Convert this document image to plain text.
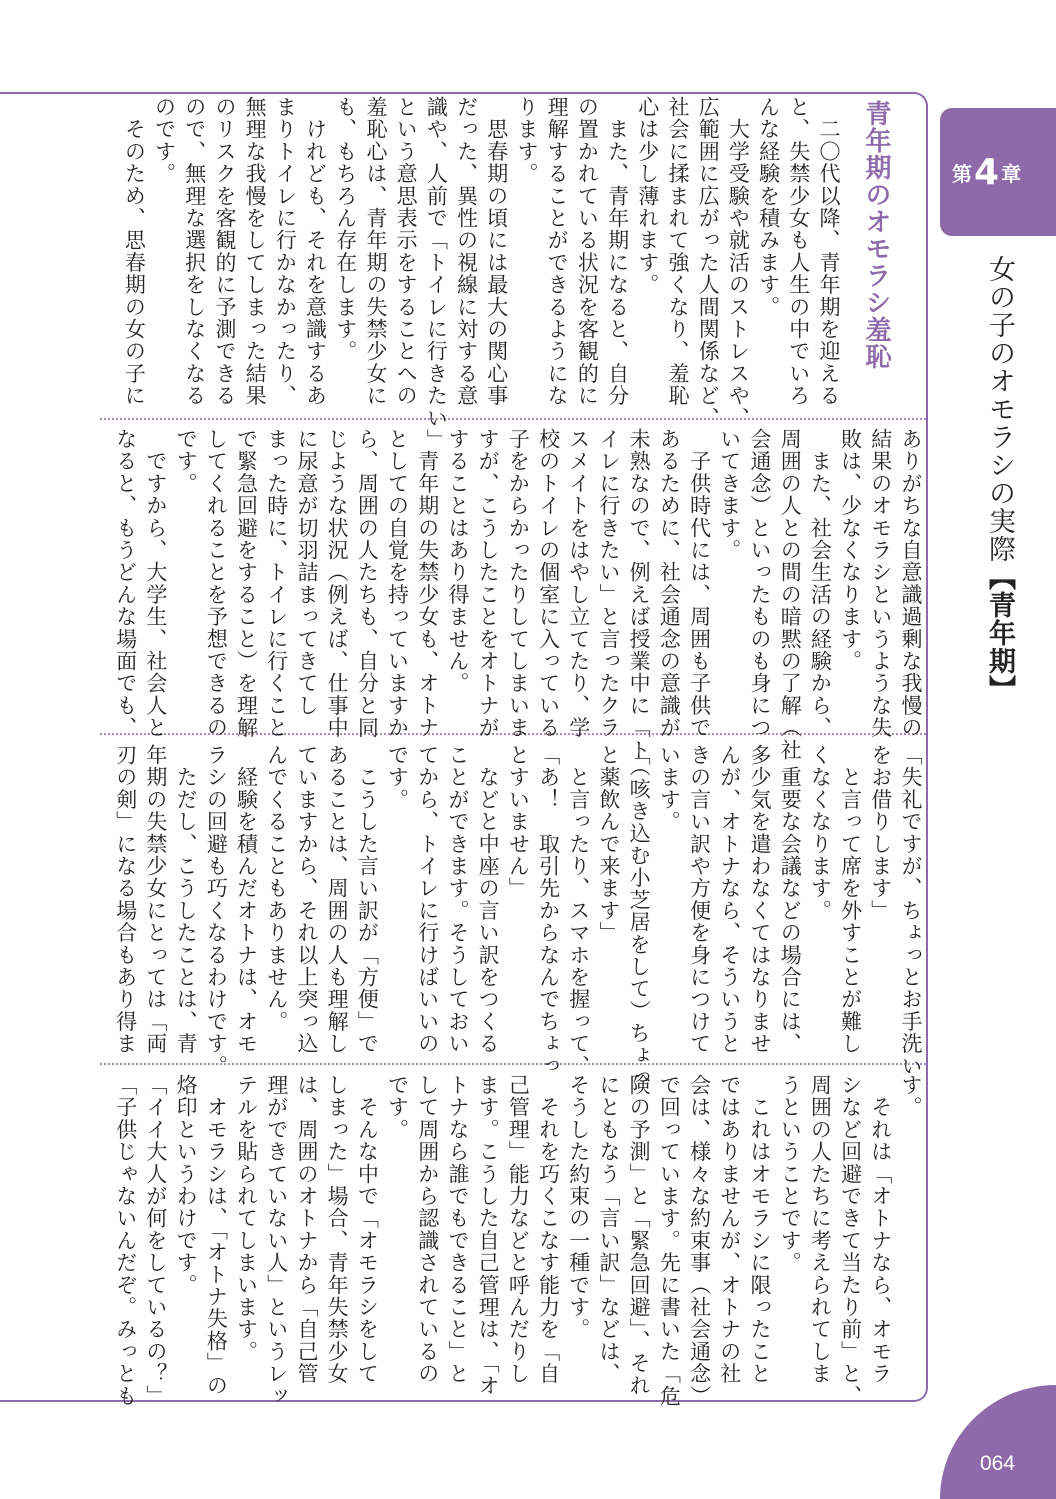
青年期のオモラシ羞恥
　二〇代以降、青年期を迎える
と、失禁少女も人生の中でいろ
んな経験を積みます。
　大学受験や就活のストレスや、
広範囲に広がった人間関係など、
社会に揉まれて強くなり、羞恥
心は少し薄れます。
　また、青年期になると、自分
の置かれている状況を客観的に
理解することができるようにな
ります。
　思春期の頃には最大の関心事
だった、異性の視線に対する意
識や、人前で「トイレに行きたい」
という意思表示をすることへの
羞恥心は、青年期の失禁少女に
も、もちろん存在します。
　けれども、それを意識するあ
まりトイレに行かなかったり、
無理な我慢をしてしまった結果
のリスクを客観的に予測できる
ので、無理な選択をしなくなる
のです。
　そのため、思春期の女の子に
ありがちな自意識過剰な我慢の
結果のオモラシというような失
敗は、少なくなります。
　また、社会生活の経験から、
周囲の人との間の暗黙の了解（社
会通念）といったものも身につ
いてきます。
　子供時代には、周囲も子供で
あるために、社会通念の意識が
未熟なので、例えば授業中に「ト
イレに行きたい」と言ったクラ
スメイトをはやし立てたり、学
校のトイレの個室に入っている
子をからかったりしてしまいま
すが、こうしたことをオトナが
することはあり得ません。
　青年期の失禁少女も、オトナ
としての自覚を持っていますか
ら、周囲の人たちも、自分と同
じような状況（例えば、仕事中
に尿意が切羽詰まってきてし
まった時に、トイレに行くこと
で緊急回避をすること）を理解
してくれることを予想できるの
です。
　ですから、大学生、社会人と
なると、もうどんな場面でも、
「失礼ですが、ちょっとお手洗い
をお借りします」
　と言って席を外すことが難し
くなくなります。
　重要な会議などの場合には、
多少気を遣わなくてはなりませ
んが、オトナなら、そういうと
きの言い訳や方便を身につけて
います。
「（咳き込む小芝居をして）ちょっ
と薬飲んで来ます」
　と言ったり、スマホを握って、
「あ！　取引先からなんでちょっ
とすいません」
　などと中座の言い訳をつくる
ことができます。そうしておい
てから、トイレに行けばいいの
です。
　こうした言い訳が「方便」で
あることは、周囲の人も理解し
ていますから、それ以上突っ込
んでくることもありません。
　経験を積んだオトナは、オモ
ラシの回避も巧くなるわけです。
　ただし、こうしたことは、青
年期の失禁少女にとっては「両
刃の剣」になる場合もあり得ま
す。
　それは「オトナなら、オモラ
シなど回避できて当たり前」と、
周囲の人たちに考えられてしま
うということです。
　これはオモラシに限ったこと
ではありませんが、オトナの社
会は、様々な約束事（社会通念）
で回っています。先に書いた「危
険の予測」と「緊急回避」、それ
にともなう「言い訳」などは、
そうした約束の一種です。
　それを巧くこなす能力を「自
己管理」能力などと呼んだりし
ます。こうした自己管理は、「オ
トナなら誰でもできること」と
して周囲から認識されているの
です。
　そんな中で「オモラシをして
しまった」場合、青年失禁少女
は、周囲のオトナから「自己管
理ができていない人」というレッ
テルを貼られてしまいます。
　オモラシは、「オトナ失格」の
烙印というわけです。
「イイ大人が何をしているの？」
「子供じゃないんだぞ。みっとも
第 4 章
女の子のオモラシの実際【青年期】
064
